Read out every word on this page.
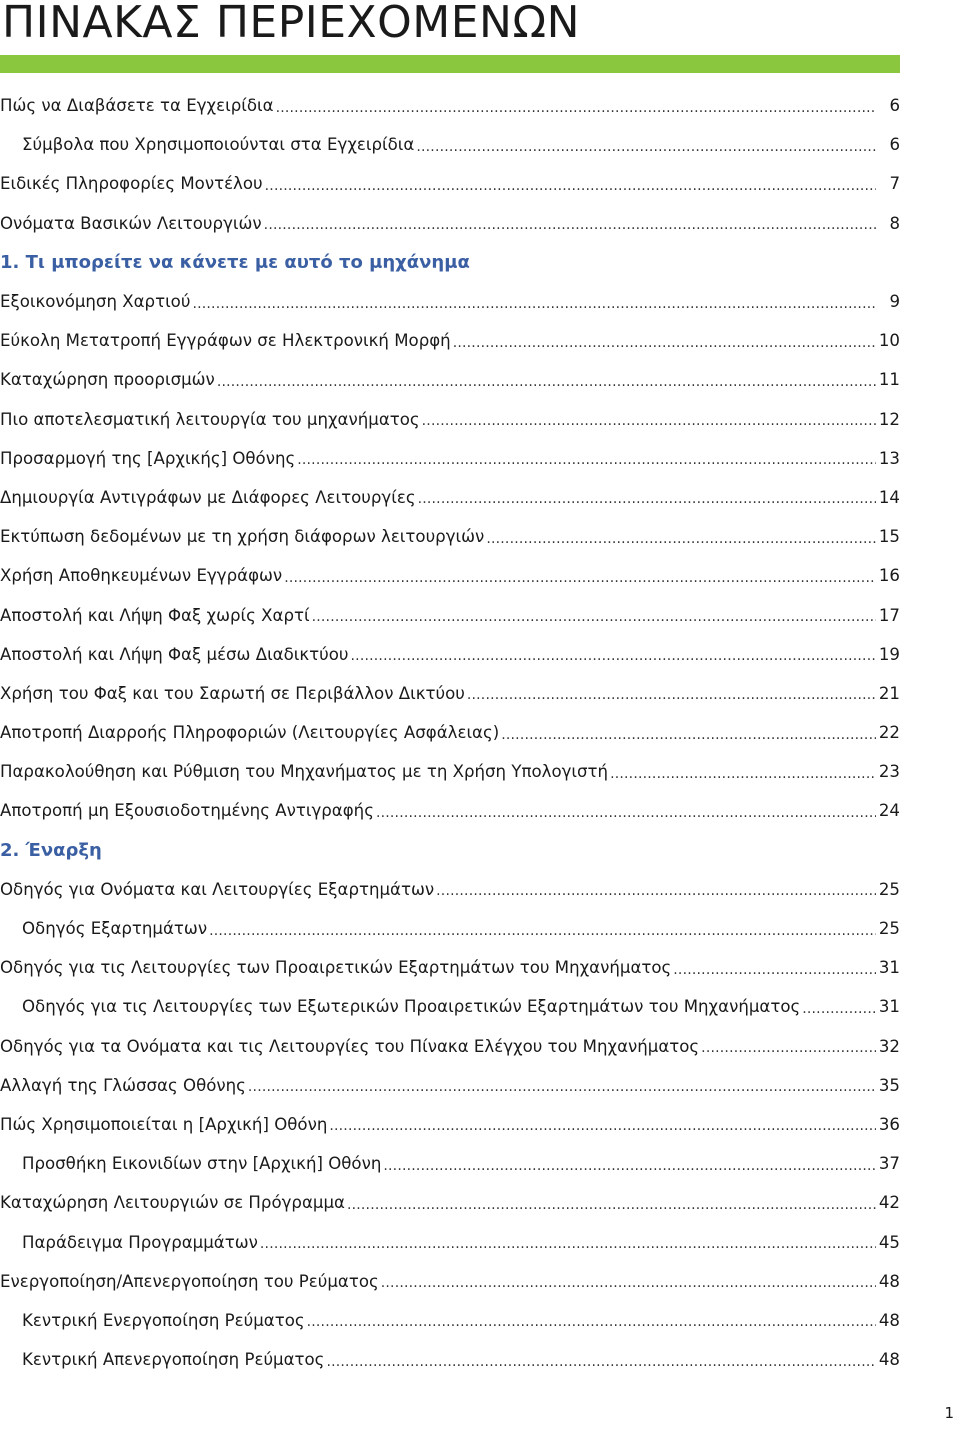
ΠΙΝΑΚΑΣ ΠΕΡΙΕΧΟΜΕΝΩΝ
Πώς να Διαβάσετε τα Εγχειρίδια .....	6
Σύμβολα που Χρησιμοποιούνται στα Εγχειρίδια .....	6
Ειδικές Πληροφορίες Μοντέλου .....	7
Ονόματα Βασικών Λειτουργιών .....	8
1. Τι μπορείτε να κάνετε με αυτό το μηχάνημα
Εξοικονόμηση Χαρτιού .....	9
Εύκολη Μετατροπή Εγγράφων σε Ηλεκτρονική Μορφή .....	10
Καταχώρηση προορισμών .....	11
Πιο αποτελεσματική λειτουργία του μηχανήματος .....	12
Προσαρμογή της [Αρχικής] Οθόνης .....	13
Δημιουργία Αντιγράφων με Διάφορες Λειτουργίες .....	14
Εκτύπωση δεδομένων με τη χρήση διάφορων λειτουργιών .....	15
Χρήση Αποθηκευμένων Εγγράφων .....	16
Αποστολή και Λήψη Φαξ χωρίς Χαρτί .....	17
Αποστολή και Λήψη Φαξ μέσω Διαδικτύου .....	19
Χρήση του Φαξ και του Σαρωτή σε Περιβάλλον Δικτύου .....	21
Αποτροπή Διαρροής Πληροφοριών (Λειτουργίες Ασφάλειας) .....	22
Παρακολούθηση και Ρύθμιση του Μηχανήματος με τη Χρήση Υπολογιστή .....	23
Αποτροπή μη Εξουσιοδοτημένης Αντιγραφής .....	24
2. Έναρξη
Οδηγός για Ονόματα και Λειτουργίες Εξαρτημάτων .....	25
Οδηγός Εξαρτημάτων .....	25
Οδηγός για τις Λειτουργίες των Προαιρετικών Εξαρτημάτων του Μηχανήματος .....	31
Οδηγός για τις Λειτουργίες των Εξωτερικών Προαιρετικών Εξαρτημάτων του Μηχανήματος .....	31
Οδηγός για τα Ονόματα και τις Λειτουργίες του Πίνακα Ελέγχου του Μηχανήματος .....	32
Αλλαγή της Γλώσσας Οθόνης .....	35
Πώς Χρησιμοποιείται η [Αρχική] Οθόνη .....	36
Προσθήκη Εικονιδίων στην [Αρχική] Οθόνη .....	37
Καταχώρηση Λειτουργιών σε Πρόγραμμα .....	42
Παράδειγμα Προγραμμάτων .....	45
Ενεργοποίηση/Απενεργοποίηση του Ρεύματος .....	48
Κεντρική Ενεργοποίηση Ρεύματος .....	48
Κεντρική Απενεργοποίηση Ρεύματος .....	48
1
